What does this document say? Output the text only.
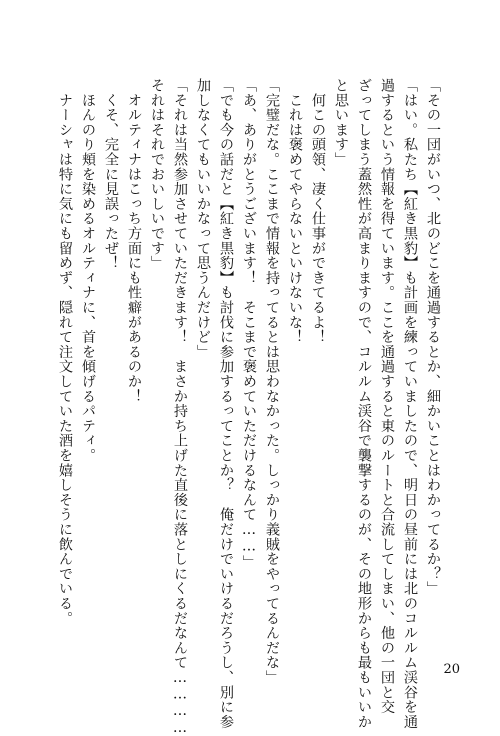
「その一団がいつ、北のどこを通過するとか、細かいことはわかってるか？」
「はい。私たち【紅き黒豹】も計画を練っていましたので、明日の昼前には北のコルルム渓谷を通
過するという情報を得ています。ここを通過すると東のルートと合流してしまい、他の一団と交
ざってしまう蓋然性が高まりますので、コルルム渓谷で襲撃するのが、その地形からも最もいいか
と思います」
　何この頭領、凄く仕事ができてるよ！
　これは褒めてやらないといけないな！
「完璧だな。ここまで情報を持ってるとは思わなかった。しっかり義賊をやってるんだな」
「あ、ありがとうございます！　そこまで褒めていただけるなんて……」
「でも今の話だと【紅き黒豹】も討伐に参加するってことか？　俺だけでいけるだろうし、別に参
加しなくてもいいかなって思うんだけど」
「それは当然参加させていただきます！　まさか持ち上げた直後に落としにくるだなんて…………
それはそれでおいしいです」
　オルティナはこっち方面にも性癖があるのか！
　くそ、完全に見誤ったぜ！
　ほんのり頬を染めるオルティナに、首を傾げるパティ。
　ナーシャは特に気にも留めず、隠れて注文していた酒を嬉しそうに飲んでいる。
20
